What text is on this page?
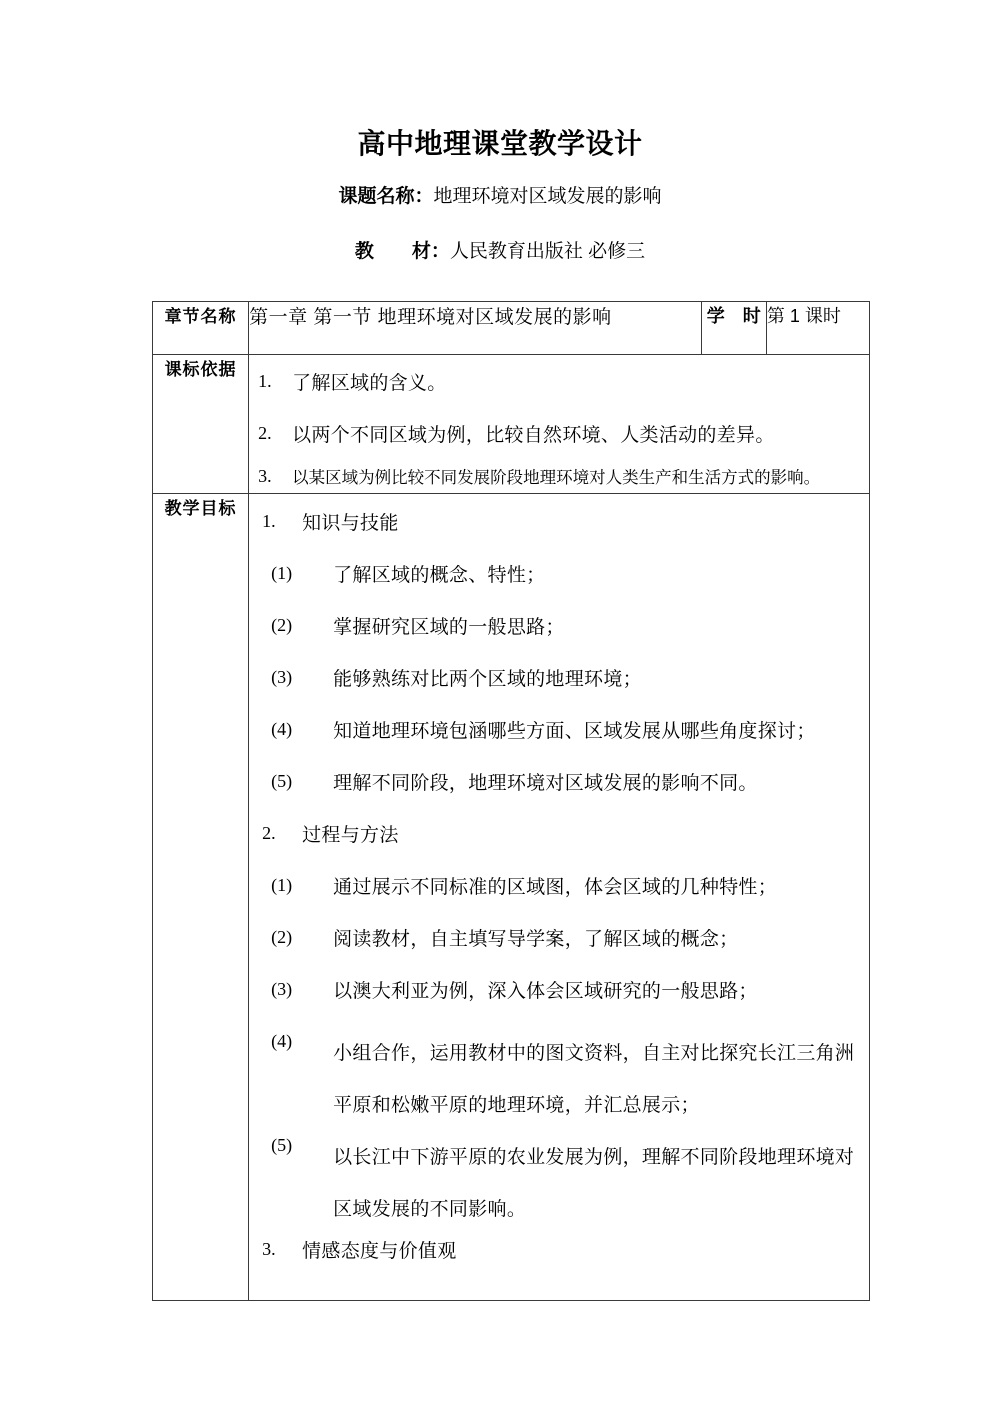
高中地理课堂教学设计
课题名称：地理环境对区域发展的影响
教　　材：人民教育出版社 必修三
章节名称	第一章 第一节 地理环境对区域发展的影响	学　时	第 1 课时
课标依据	
1.	了解区域的含义。
2.	以两个不同区域为例，比较自然环境、人类活动的差异。
3.	以某区域为例比较不同发展阶段地理环境对人类生产和生活方式的影响。

教学目标	
1.	知识与技能
(1)	了解区域的概念、特性；
(2)	掌握研究区域的一般思路；
(3)	能够熟练对比两个区域的地理环境；
(4)	知道地理环境包涵哪些方面、区域发展从哪些角度探讨；
(5)	理解不同阶段，地理环境对区域发展的影响不同。
2.	过程与方法
(1)	通过展示不同标准的区域图，体会区域的几种特性；
(2)	阅读教材，自主填写导学案，了解区域的概念；
(3)	以澳大利亚为例，深入体会区域研究的一般思路；
(4)
小组合作，运用教材中的图文资料，自主对比探究长江三角洲平原和松嫩平原的地理环境，并汇总展示；
(5)
以长江中下游平原的农业发展为例，理解不同阶段地理环境对区域发展的不同影响。
3.	情感态度与价值观
